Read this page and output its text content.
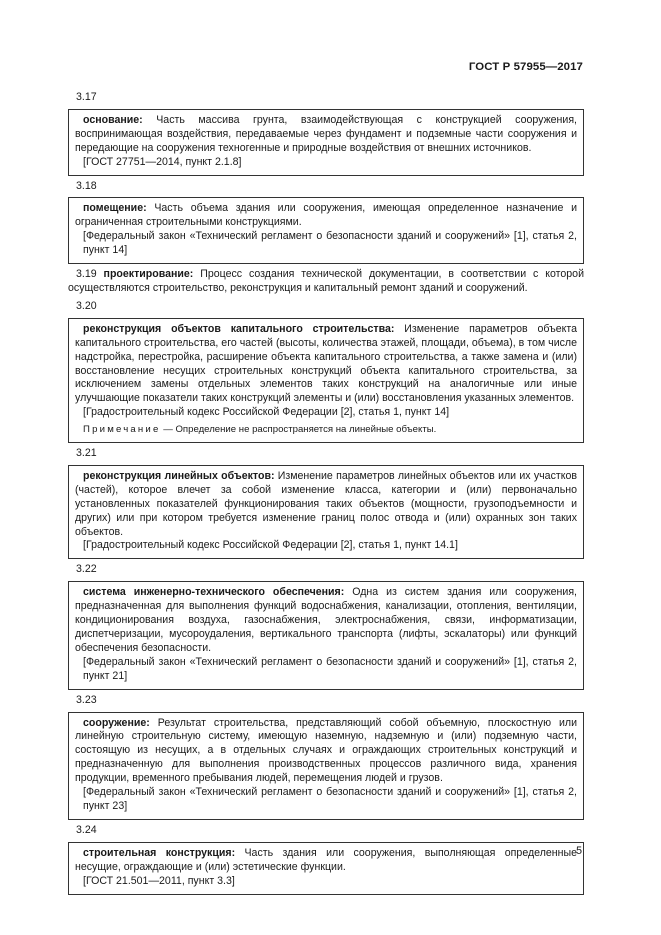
ГОСТ Р 57955—2017
3.17

основание: Часть массива грунта, взаимодействующая с конструкцией сооружения, воспринимающая воздействия, передаваемые через фундамент и подземные части сооружения и передающие на сооружения техногенные и природные воздействия от внешних источников.

[ГОСТ 27751—2014, пункт 2.1.8]

3.18

помещение: Часть объема здания или сооружения, имеющая определенное назначение и ограниченная строительными конструкциями.

[Федеральный закон «Технический регламент о безопасности зданий и сооружений» [1], статья 2, пункт 14]

3.19 проектирование: Процесс создания технической документации, в соответствии с которой осуществляются строительство, реконструкция и капитальный ремонт зданий и сооружений.

3.20

реконструкция объектов капитального строительства: Изменение параметров объекта капитального строительства, его частей (высоты, количества этажей, площади, объема), в том числе надстройка, перестройка, расширение объекта капитального строительства, а также замена и (или) восстановление несущих строительных конструкций объекта капитального строительства, за исключением замены отдельных элементов таких конструкций на аналогичные или иные улучшающие показатели таких конструкций элементы и (или) восстановления указанных элементов.

[Градостроительный кодекс Российской Федерации [2], статья 1, пункт 14]

Примечание — Определение не распространяется на линейные объекты.
3.21

реконструкция линейных объектов: Изменение параметров линейных объектов или их участков (частей), которое влечет за собой изменение класса, категории и (или) первоначально установленных показателей функционирования таких объектов (мощности, грузоподъемности и других) или при котором требуется изменение границ полос отвода и (или) охранных зон таких объектов.

[Градостроительный кодекс Российской Федерации [2], статья 1, пункт 14.1]

3.22

система инженерно-технического обеспечения: Одна из систем здания или сооружения, предназначенная для выполнения функций водоснабжения, канализации, отопления, вентиляции, кондиционирования воздуха, газоснабжения, электроснабжения, связи, информатизации, диспетчеризации, мусороудаления, вертикального транспорта (лифты, эскалаторы) или функций обеспечения безопасности.

[Федеральный закон «Технический регламент о безопасности зданий и сооружений» [1], статья 2, пункт 21]

3.23

сооружение: Результат строительства, представляющий собой объемную, плоскостную или линейную строительную систему, имеющую наземную, надземную и (или) подземную части, состоящую из несущих, а в отдельных случаях и ограждающих строительных конструкций и предназначенную для выполнения производственных процессов различного вида, хранения продукции, временного пребывания людей, перемещения людей и грузов.

[Федеральный закон «Технический регламент о безопасности зданий и сооружений» [1], статья 2, пункт 23]

3.24

строительная конструкция: Часть здания или сооружения, выполняющая определенные несущие, ограждающие и (или) эстетические функции.

[ГОСТ 21.501—2011, пункт 3.3]

5
